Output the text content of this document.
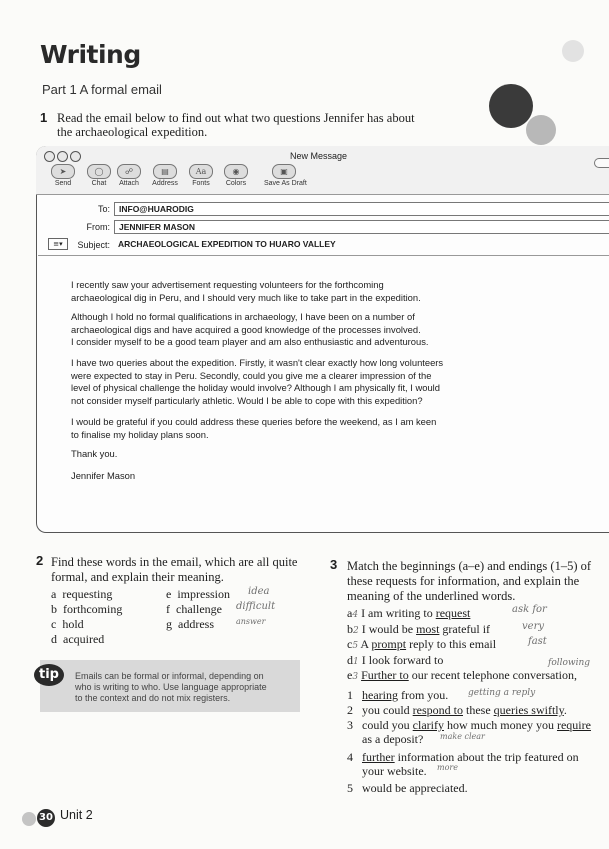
Writing
Part 1 A formal email
1 Read the email below to find out what two questions Jennifer has about
the archaeological expedition.
New Message
➤
Send
◯
Chat
☍
Attach
▤
Address
Aa
Fonts
◉
Colors
▣
Save As Draft
To:	INFO@HUARODIG
From:	JENNIFER MASON
≡▾	Subject: ARCHAEOLOGICAL EXPEDITION TO HUARO VALLEY
I recently saw your advertisement requesting volunteers for the forthcoming
archaeological dig in Peru, and I should very much like to take part in the expedition.
Although I hold no formal qualifications in archaeology, I have been on a number of
archaeological digs and have acquired a good knowledge of the processes involved.
I consider myself to be a good team player and am also enthusiastic and adventurous.
I have two queries about the expedition. Firstly, it wasn't clear exactly how long volunteers
were expected to stay in Peru. Secondly, could you give me a clearer impression of the
level of physical challenge the holiday would involve? Although I am physically fit, I would
not consider myself particularly athletic. Would I be able to cope with this expedition?
I would be grateful if you could address these queries before the weekend, as I am keen
to finalise my holiday plans soon.
Thank you.
Jennifer Mason
2 Find these words in the email, which are all quite
formal, and explain their meaning.
a requesting
b forthcoming
c hold
d acquired
e impression
f challenge
g address
idea
difficult
answer
tip	Emails can be formal or informal, depending on
who is writing to who. Use language appropriate
to the context and do not mix registers.
3 Match the beginnings (a–e) and endings (1–5) of
these requests for information, and explain the
meaning of the underlined words.
a4 I am writing to request
b2 I would be most grateful if
c5 A prompt reply to this email
d1 I look forward to
e3 Further to our recent telephone conversation,
1 hearing from you.
2 you could respond to these queries swiftly.
3 could you clarify how much money you require
as a deposit?
4 further information about the trip featured on
your website.
5 would be appreciated.
ask for
very
fast
following
getting a reply
make clear
more
30 Unit 2
